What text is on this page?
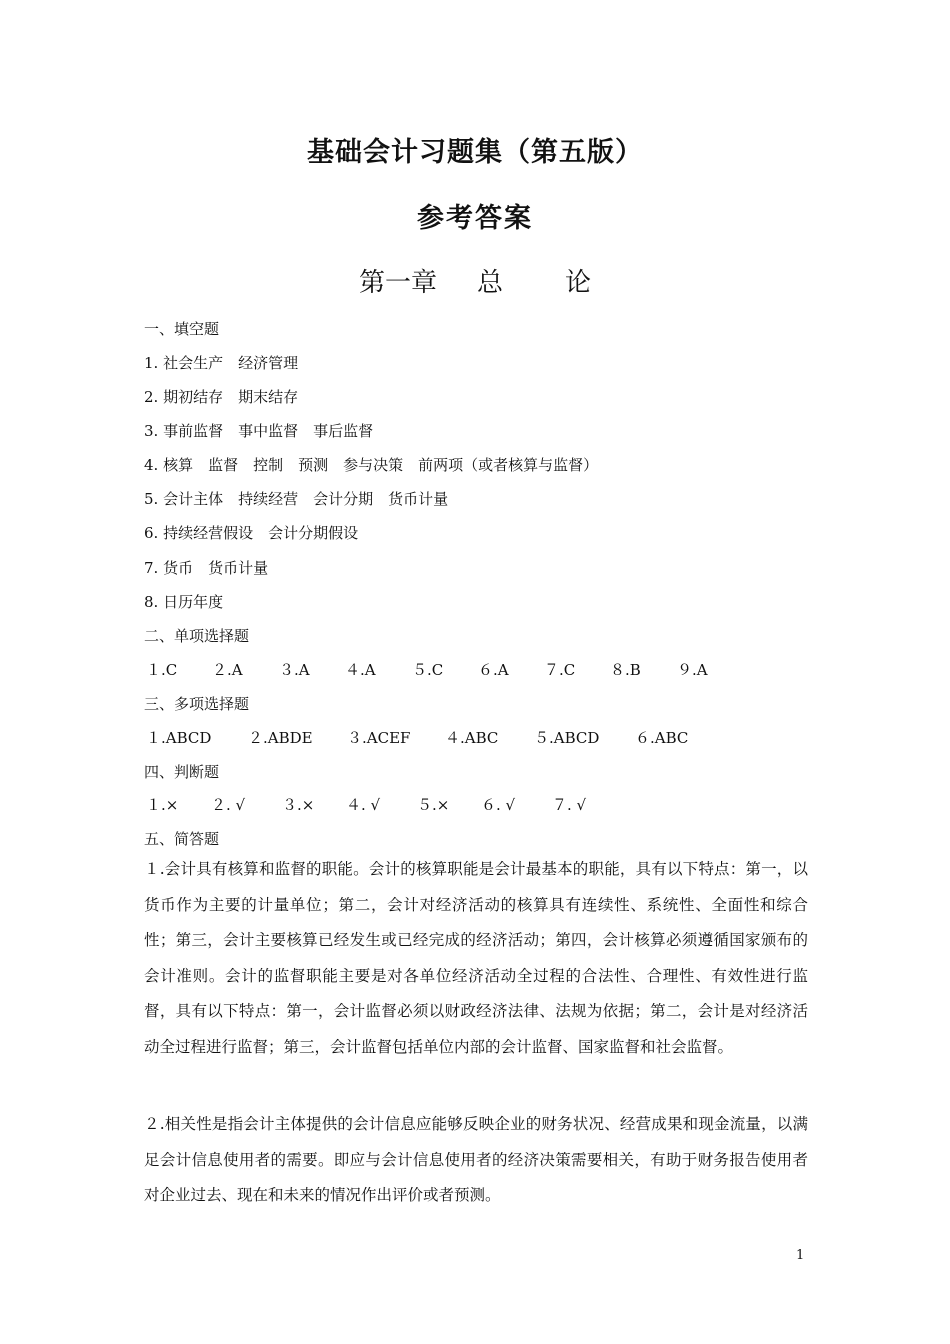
基础会计习题集（第五版）
参考答案
第一章 总 论
一、填空题
1. 社会生产　经济管理
2. 期初结存　期末结存
3. 事前监督　事中监督　事后监督
4. 核算　监督　控制　预测　参与决策　前两项（或者核算与监督）
5. 会计主体　持续经营　会计分期　货币计量
6. 持续经营假设　会计分期假设
7. 货币　货币计量
8. 日历年度
二、单项选择题
１.C ２.A ３.A ４.A ５.C ６.A ７.C ８.B ９.A
三、多项选择题
１.ABCD ２.ABDE ３.ACEF ４.ABC ５.ABCD ６.ABC
四、判断题
１.× ２. √ ３.× ４. √ ５.× ６. √ ７. √
五、简答题
１.会计具有核算和监督的职能。会计的核算职能是会计最基本的职能，具有以下特点：第一，以货币作为主要的计量单位；第二，会计对经济活动的核算具有连续性、系统性、全面性和综合性；第三，会计主要核算已经发生或已经完成的经济活动；第四，会计核算必须遵循国家颁布的会计准则。会计的监督职能主要是对各单位经济活动全过程的合法性、合理性、有效性进行监督，具有以下特点：第一，会计监督必须以财政经济法律、法规为依据；第二，会计是对经济活动全过程进行监督；第三，会计监督包括单位内部的会计监督、国家监督和社会监督。
２.相关性是指会计主体提供的会计信息应能够反映企业的财务状况、经营成果和现金流量，以满足会计信息使用者的需要。即应与会计信息使用者的经济决策需要相关，有助于财务报告使用者对企业过去、现在和未来的情况作出评价或者预测。
1
